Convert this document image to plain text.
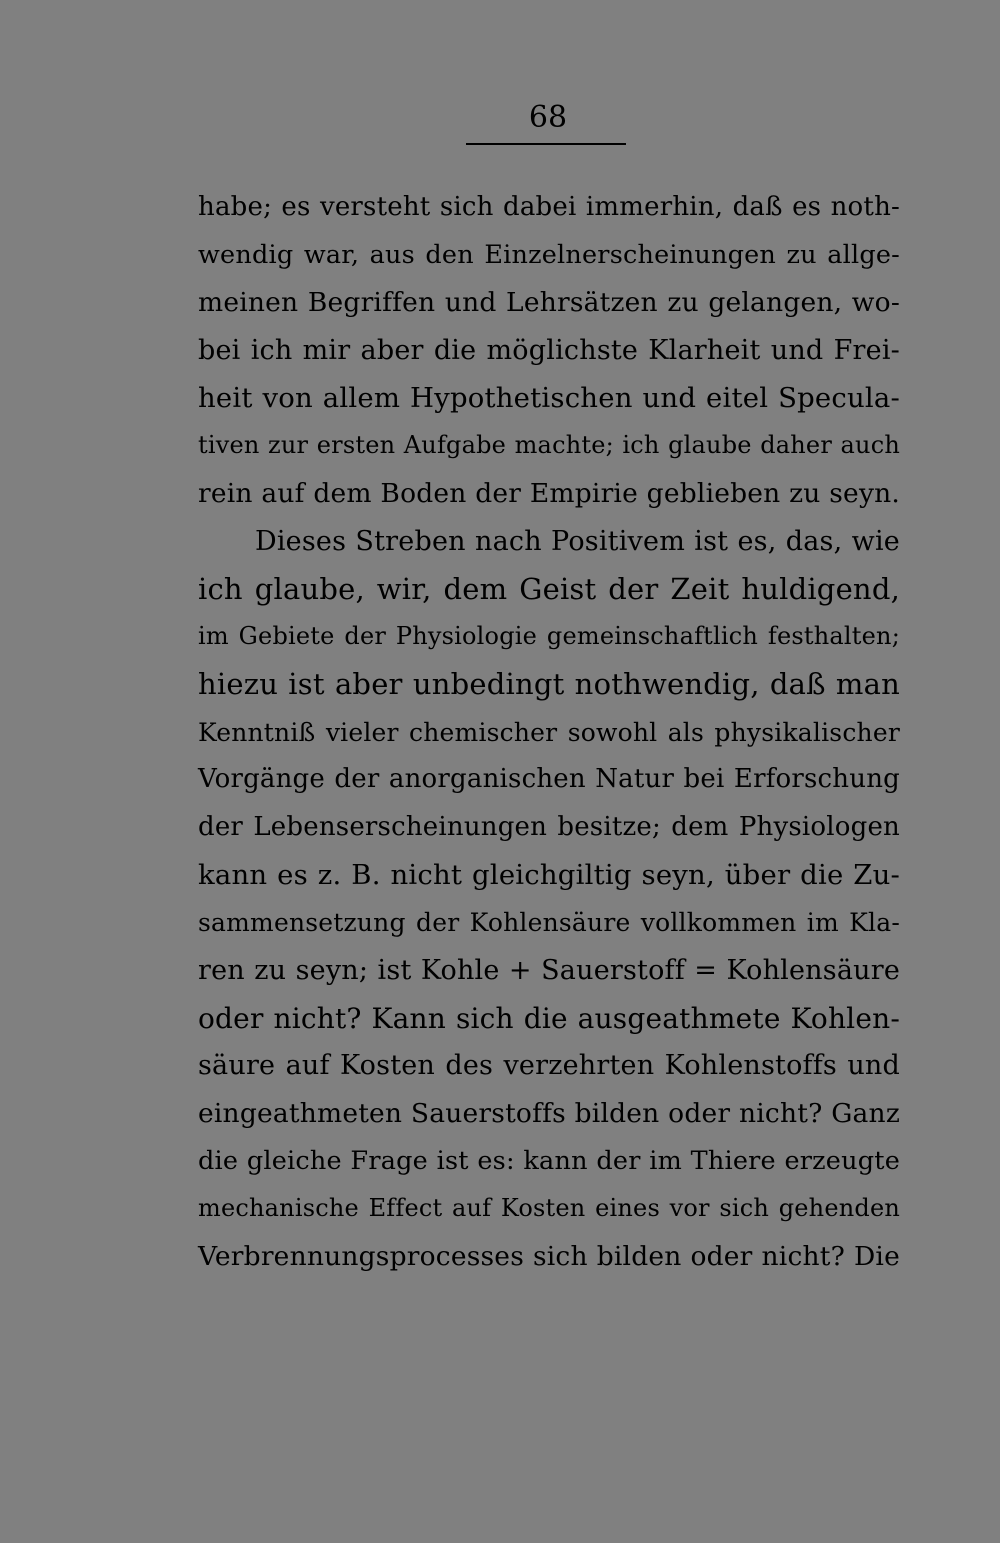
68
habe; es versteht sich dabei immerhin, daß es noth-
wendig war, aus den Einzelnerscheinungen zu allge-
meinen Begriffen und Lehrsätzen zu gelangen, wo-
bei ich mir aber die möglichste Klarheit und Frei-
heit von allem Hypothetischen und eitel Specula-
tiven zur ersten Aufgabe machte; ich glaube daher auch
rein auf dem Boden der Empirie geblieben zu seyn.
Dieses Streben nach Positivem ist es, das, wie
ich glaube, wir, dem Geist der Zeit huldigend,
im Gebiete der Physiologie gemeinschaftlich festhalten;
hiezu ist aber unbedingt nothwendig, daß man
Kenntniß vieler chemischer sowohl als physikalischer
Vorgänge der anorganischen Natur bei Erforschung
der Lebenserscheinungen besitze; dem Physiologen
kann es z. B. nicht gleichgiltig seyn, über die Zu-
sammensetzung der Kohlensäure vollkommen im Kla-
ren zu seyn; ist Kohle + Sauerstoff = Kohlensäure
oder nicht? Kann sich die ausgeathmete Kohlen-
säure auf Kosten des verzehrten Kohlenstoffs und
eingeathmeten Sauerstoffs bilden oder nicht? Ganz
die gleiche Frage ist es: kann der im Thiere erzeugte
mechanische Effect auf Kosten eines vor sich gehenden
Verbrennungsprocesses sich bilden oder nicht? Die
